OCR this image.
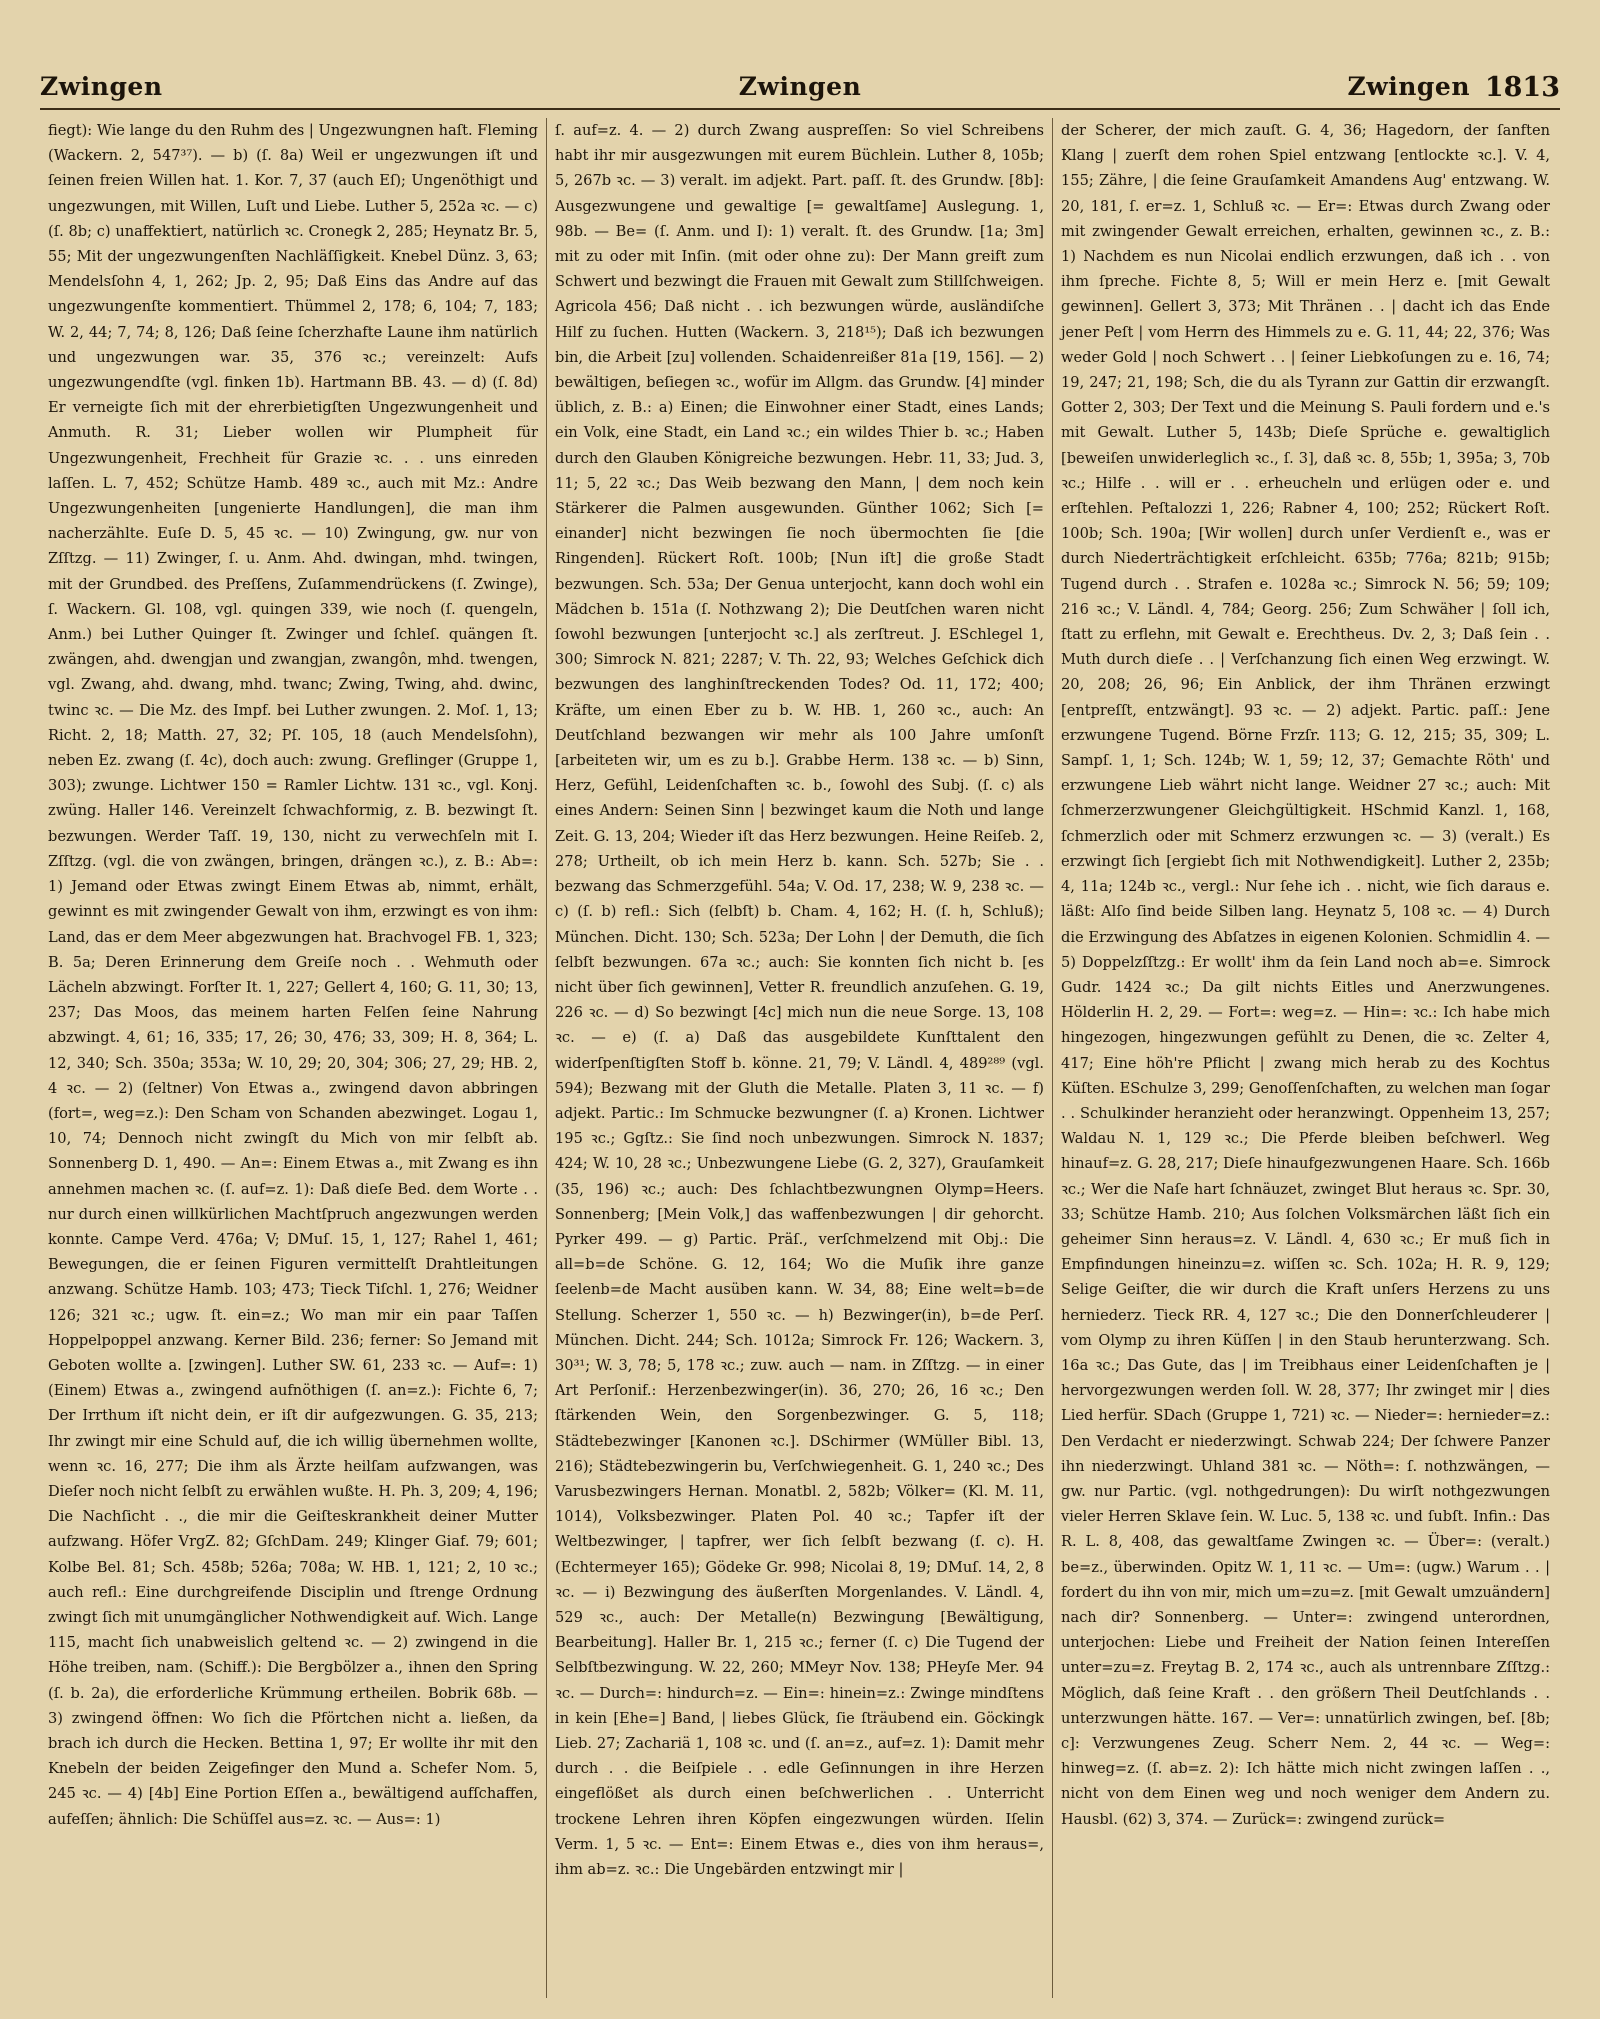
Zwingen	Zwingen	Zwingen 1813

fiegt): Wie lange du den Ruhm des | Ungezwungnen haſt. Fleming (Wackern. 2, 547³⁷). — b) (ſ. 8a) Weil er ungezwungen iſt und ſeinen freien Willen hat. 1. Kor. 7, 37 (auch Eſ); Ungenöthigt und ungezwungen, mit Willen, Luſt und Liebe. Luther 5, 252a ꝛc. — c) (ſ. 8b; c) unaffektiert, natürlich ꝛc. Cronegk 2, 285; Heynatz Br. 5, 55; Mit der ungezwungenſten Nachläſſigkeit. Knebel Dünz. 3, 63; Mendelsſohn 4, 1, 262; Jp. 2, 95; Daß Eins das Andre auf das ungezwungenſte kommentiert. Thümmel 2, 178; 6, 104; 7, 183; W. 2, 44; 7, 74; 8, 126; Daß ſeine ſcherzhafte Laune ihm natürlich und ungezwungen war. 35, 376 ꝛc.; vereinzelt: Aufs ungezwungendſte (vgl. finken 1b). Hartmann BB. 43. — d) (ſ. 8d) Er verneigte ſich mit der ehrerbietigſten Ungezwungenheit und Anmuth. R. 31; Lieber wollen wir Plumpheit für Ungezwungenheit, Frechheit für Grazie ꝛc. . . uns einreden laſſen. L. 7, 452; Schütze Hamb. 489 ꝛc., auch mit Mz.: Andre Ungezwungenheiten [ungenierte Handlungen], die man ihm nacherzählte. Euſe D. 5, 45 ꝛc. — 10) Zwingung, gw. nur von Zſſtzg. — 11) Zwinger, ſ. u. Anm. Ahd. dwingan, mhd. twingen, mit der Grundbed. des Preſſens, Zuſammendrückens (ſ. Zwinge), ſ. Wackern. Gl. 108, vgl. quingen 339, wie noch (ſ. quengeln, Anm.) bei Luther Quinger ſt. Zwinger und ſchleſ. quängen ſt. zwängen, ahd. dwengjan und zwangjan, zwangôn, mhd. twengen, vgl. Zwang, ahd. dwang, mhd. twanc; Zwing, Twing, ahd. dwinc, twinc ꝛc. — Die Mz. des Impf. bei Luther zwungen. 2. Moſ. 1, 13; Richt. 2, 18; Matth. 27, 32; Pſ. 105, 18 (auch Mendelsſohn), neben Ez. zwang (ſ. 4c), doch auch: zwung. Greflinger (Gruppe 1, 303); zwunge. Lichtwer 150 = Ramler Lichtw. 131 ꝛc., vgl. Konj. zwüng. Haller 146. Vereinzelt ſchwachformig, z. B. bezwingt ſt. bezwungen. Werder Taſſ. 19, 130, nicht zu verwechſeln mit I. Zſſtzg. (vgl. die von zwängen, bringen, drängen ꝛc.), z. B.: Ab=: 1) Jemand oder Etwas zwingt Einem Etwas ab, nimmt, erhält, gewinnt es mit zwingender Gewalt von ihm, erzwingt es von ihm: Land, das er dem Meer abgezwungen hat. Brachvogel FB. 1, 323; B. 5a; Deren Erinnerung dem Greiſe noch . . Wehmuth oder Lächeln abzwingt. Forſter It. 1, 227; Gellert 4, 160; G. 11, 30; 13, 237; Das Moos, das meinem harten Felſen ſeine Nahrung abzwingt. 4, 61; 16, 335; 17, 26; 30, 476; 33, 309; H. 8, 364; L. 12, 340; Sch. 350a; 353a; W. 10, 29; 20, 304; 306; 27, 29; HB. 2, 4 ꝛc. — 2) (ſeltner) Von Etwas a., zwingend davon abbringen (fort=, weg=z.): Den Scham von Schanden abezwinget. Logau 1, 10, 74; Dennoch nicht zwingſt du Mich von mir ſelbſt ab. Sonnenberg D. 1, 490. — An=: Einem Etwas a., mit Zwang es ihn annehmen machen ꝛc. (ſ. auf=z. 1): Daß dieſe Bed. dem Worte . . nur durch einen willkürlichen Machtſpruch angezwungen werden konnte. Campe Verd. 476a; V; DMuſ. 15, 1, 127; Rahel 1, 461; Bewegungen, die er ſeinen Figuren vermittelſt Drahtleitungen anzwang. Schütze Hamb. 103; 473; Tieck Tiſchl. 1, 276; Weidner 126; 321 ꝛc.; ugw. ſt. ein=z.; Wo man mir ein paar Taſſen Hoppelpoppel anzwang. Kerner Bild. 236; ferner: So Jemand mit Geboten wollte a. [zwingen]. Luther SW. 61, 233 ꝛc. — Auf=: 1) (Einem) Etwas a., zwingend aufnöthigen (ſ. an=z.): Fichte 6, 7; Der Irrthum iſt nicht dein, er iſt dir aufgezwungen. G. 35, 213; Ihr zwingt mir eine Schuld auf, die ich willig übernehmen wollte, wenn ꝛc. 16, 277; Die ihm als Ärzte heilſam aufzwangen, was Dieſer noch nicht ſelbſt zu erwählen wußte. H. Ph. 3, 209; 4, 196; Die Nachſicht . ., die mir die Geiſteskrankheit deiner Mutter aufzwang. Höfer VrgZ. 82; GſchDam. 249; Klinger Giaf. 79; 601; Kolbe Bel. 81; Sch. 458b; 526a; 708a; W. HB. 1, 121; 2, 10 ꝛc.; auch refl.: Eine durchgreifende Disciplin und ſtrenge Ordnung zwingt ſich mit unumgänglicher Nothwendigkeit auf. Wich. Lange 115, macht ſich unabweislich geltend ꝛc. — 2) zwingend in die Höhe treiben, nam. (Schiff.): Die Bergbölzer a., ihnen den Spring (ſ. b. 2a), die erforderliche Krümmung ertheilen. Bobrik 68b. — 3) zwingend öffnen: Wo ſich die Pförtchen nicht a. ließen, da brach ich durch die Hecken. Bettina 1, 97; Er wollte ihr mit den Knebeln der beiden Zeigefinger den Mund a. Schefer Nom. 5, 245 ꝛc. — 4) [4b] Eine Portion Eſſen a., bewältigend aufſchaffen, aufeſſen; ähnlich: Die Schüſſel aus=z. ꝛc. — Aus=: 1)

ſ. auf=z. 4. — 2) durch Zwang auspreſſen: So viel Schreibens habt ihr mir ausgezwungen mit eurem Büchlein. Luther 8, 105b; 5, 267b ꝛc. — 3) veralt. im adjekt. Part. paſſ. ſt. des Grundw. [8b]: Ausgezwungene und gewaltige [= gewaltſame] Auslegung. 1, 98b. — Be= (ſ. Anm. und I): 1) veralt. ſt. des Grundw. [1a; 3m] mit zu oder mit Inſin. (mit oder ohne zu): Der Mann greift zum Schwert und bezwingt die Frauen mit Gewalt zum Stillſchweigen. Agricola 456; Daß nicht . . ich bezwungen würde, ausländiſche Hilf zu ſuchen. Hutten (Wackern. 3, 218¹⁵); Daß ich bezwungen bin, die Arbeit [zu] vollenden. Schaidenreißer 81a [19, 156]. — 2) bewältigen, beſiegen ꝛc., wofür im Allgm. das Grundw. [4] minder üblich, z. B.: a) Einen; die Einwohner einer Stadt, eines Lands; ein Volk, eine Stadt, ein Land ꝛc.; ein wildes Thier b. ꝛc.; Haben durch den Glauben Königreiche bezwungen. Hebr. 11, 33; Jud. 3, 11; 5, 22 ꝛc.; Das Weib bezwang den Mann, | dem noch kein Stärkerer die Palmen ausgewunden. Günther 1062; Sich [= einander] nicht bezwingen ſie noch übermochten ſie [die Ringenden]. Rückert Roſt. 100b; [Nun iſt] die große Stadt bezwungen. Sch. 53a; Der Genua unterjocht, kann doch wohl ein Mädchen b. 151a (ſ. Nothzwang 2); Die Deutſchen waren nicht ſowohl bezwungen [unterjocht ꝛc.] als zerſtreut. J. ESchlegel 1, 300; Simrock N. 821; 2287; V. Th. 22, 93; Welches Geſchick dich bezwungen des langhinſtreckenden Todes? Od. 11, 172; 400; Kräfte, um einen Eber zu b. W. HB. 1, 260 ꝛc., auch: An Deutſchland bezwangen wir mehr als 100 Jahre umſonſt [arbeiteten wir, um es zu b.]. Grabbe Herm. 138 ꝛc. — b) Sinn, Herz, Gefühl, Leidenſchaften ꝛc. b., ſowohl des Subj. (ſ. c) als eines Andern: Seinen Sinn | bezwinget kaum die Noth und lange Zeit. G. 13, 204; Wieder iſt das Herz bezwungen. Heine Reiſeb. 2, 278; Urtheilt, ob ich mein Herz b. kann. Sch. 527b; Sie . . bezwang das Schmerzgefühl. 54a; V. Od. 17, 238; W. 9, 238 ꝛc. — c) (ſ. b) refl.: Sich (ſelbſt) b. Cham. 4, 162; H. (ſ. h, Schluß); München. Dicht. 130; Sch. 523a; Der Lohn | der Demuth, die ſich ſelbſt bezwungen. 67a ꝛc.; auch: Sie konnten ſich nicht b. [es nicht über ſich gewinnen], Vetter R. freundlich anzuſehen. G. 19, 226 ꝛc. — d) So bezwingt [4c] mich nun die neue Sorge. 13, 108 ꝛc. — e) (ſ. a) Daß das ausgebildete Kunſttalent den widerſpenſtigſten Stoff b. könne. 21, 79; V. Ländl. 4, 489²⁸⁹ (vgl. 594); Bezwang mit der Gluth die Metalle. Platen 3, 11 ꝛc. — f) adjekt. Partic.: Im Schmucke bezwungner (ſ. a) Kronen. Lichtwer 195 ꝛc.; Ggſtz.: Sie ſind noch unbezwungen. Simrock N. 1837; 424; W. 10, 28 ꝛc.; Unbezwungene Liebe (G. 2, 327), Grauſamkeit (35, 196) ꝛc.; auch: Des ſchlachtbezwungnen Olymp=Heers. Sonnenberg; [Mein Volk,] das waffenbezwungen | dir gehorcht. Pyrker 499. — g) Partic. Präſ., verſchmelzend mit Obj.: Die all=b=de Schöne. G. 12, 164; Wo die Muſik ihre ganze ſeelenb=de Macht ausüben kann. W. 34, 88; Eine welt=b=de Stellung. Scherzer 1, 550 ꝛc. — h) Bezwinger(in), b=de Perſ. München. Dicht. 244; Sch. 1012a; Simrock Fr. 126; Wackern. 3, 30³¹; W. 3, 78; 5, 178 ꝛc.; zuw. auch — nam. in Zſſtzg. — in einer Art Perſonif.: Herzenbezwinger(in). 36, 270; 26, 16 ꝛc.; Den ſtärkenden Wein, den Sorgenbezwinger. G. 5, 118; Städtebezwinger [Kanonen ꝛc.]. DSchirmer (WMüller Bibl. 13, 216); Städtebezwingerin bu, Verſchwiegenheit. G. 1, 240 ꝛc.; Des Varusbezwingers Hernan. Monatbl. 2, 582b; Völker= (Kl. M. 11, 1014), Volksbezwinger. Platen Pol. 40 ꝛc.; Tapfer iſt der Weltbezwinger, | tapfrer, wer ſich ſelbſt bezwang (ſ. c). H. (Echtermeyer 165); Gödeke Gr. 998; Nicolai 8, 19; DMuſ. 14, 2, 8 ꝛc. — i) Bezwingung des äußerſten Morgenlandes. V. Ländl. 4, 529 ꝛc., auch: Der Metalle(n) Bezwingung [Bewältigung, Bearbeitung]. Haller Br. 1, 215 ꝛc.; ferner (ſ. c) Die Tugend der Selbſtbezwingung. W. 22, 260; MMeyr Nov. 138; PHeyſe Mer. 94 ꝛc. — Durch=: hindurch=z. — Ein=: hinein=z.: Zwinge mindſtens in kein [Ehe=] Band, | liebes Glück, ſie ſträubend ein. Göckingk Lieb. 27; Zachariä 1, 108 ꝛc. und (ſ. an=z., auf=z. 1): Damit mehr durch . . die Beiſpiele . . edle Geſinnungen in ihre Herzen eingeflößet als durch einen beſchwerlichen . . Unterricht trockene Lehren ihren Köpfen eingezwungen würden. Iſelin Verm. 1, 5 ꝛc. — Ent=: Einem Etwas e., dies von ihm heraus=, ihm ab=z. ꝛc.: Die Ungebärden entzwingt mir |

der Scherer, der mich zauſt. G. 4, 36; Hagedorn, der ſanften Klang | zuerſt dem rohen Spiel entzwang [entlockte ꝛc.]. V. 4, 155; Zähre, | die ſeine Grauſamkeit Amandens Aug' entzwang. W. 20, 181, ſ. er=z. 1, Schluß ꝛc. — Er=: Etwas durch Zwang oder mit zwingender Gewalt erreichen, erhalten, gewinnen ꝛc., z. B.: 1) Nachdem es nun Nicolai endlich erzwungen, daß ich . . von ihm ſpreche. Fichte 8, 5; Will er mein Herz e. [mit Gewalt gewinnen]. Gellert 3, 373; Mit Thränen . . | dacht ich das Ende jener Peſt | vom Herrn des Himmels zu e. G. 11, 44; 22, 376; Was weder Gold | noch Schwert . . | ſeiner Liebkoſungen zu e. 16, 74; 19, 247; 21, 198; Sch, die du als Tyrann zur Gattin dir erzwangſt. Gotter 2, 303; Der Text und die Meinung S. Pauli fordern und e.'s mit Gewalt. Luther 5, 143b; Dieſe Sprüche e. gewaltiglich [beweiſen unwiderleglich ꝛc., ſ. 3], daß ꝛc. 8, 55b; 1, 395a; 3, 70b ꝛc.; Hilfe . . will er . . erheucheln und erlügen oder e. und erſtehlen. Peſtalozzi 1, 226; Rabner 4, 100; 252; Rückert Roſt. 100b; Sch. 190a; [Wir wollen] durch unſer Verdienſt e., was er durch Niederträchtigkeit erſchleicht. 635b; 776a; 821b; 915b; Tugend durch . . Strafen e. 1028a ꝛc.; Simrock N. 56; 59; 109; 216 ꝛc.; V. Ländl. 4, 784; Georg. 256; Zum Schwäher | ſoll ich, ſtatt zu erflehn, mit Gewalt e. Erechtheus. Dv. 2, 3; Daß ſein . . Muth durch dieſe . . | Verſchanzung ſich einen Weg erzwingt. W. 20, 208; 26, 96; Ein Anblick, der ihm Thränen erzwingt [entpreſſt, entzwängt]. 93 ꝛc. — 2) adjekt. Partic. paſſ.: Jene erzwungene Tugend. Börne Frzſr. 113; G. 12, 215; 35, 309; L. Sampſ. 1, 1; Sch. 124b; W. 1, 59; 12, 37; Gemachte Röth' und erzwungene Lieb währt nicht lange. Weidner 27 ꝛc.; auch: Mit ſchmerzerzwungener Gleichgültigkeit. HSchmid Kanzl. 1, 168, ſchmerzlich oder mit Schmerz erzwungen ꝛc. — 3) (veralt.) Es erzwingt ſich [ergiebt ſich mit Nothwendigkeit]. Luther 2, 235b; 4, 11a; 124b ꝛc., vergl.: Nur ſehe ich . . nicht, wie ſich daraus e. läßt: Alſo ſind beide Silben lang. Heynatz 5, 108 ꝛc. — 4) Durch die Erzwingung des Abſatzes in eigenen Kolonien. Schmidlin 4. — 5) Doppelzſſtzg.: Er wollt' ihm da ſein Land noch ab=e. Simrock Gudr. 1424 ꝛc.; Da gilt nichts Eitles und Anerzwungenes. Hölderlin H. 2, 29. — Fort=: weg=z. — Hin=: ꝛc.: Ich habe mich hingezogen, hingezwungen gefühlt zu Denen, die ꝛc. Zelter 4, 417; Eine höh're Pflicht | zwang mich herab zu des Kochtus Küſten. ESchulze 3, 299; Genoſſenſchaften, zu welchen man ſogar . . Schulkinder heranzieht oder heranzwingt. Oppenheim 13, 257; Waldau N. 1, 129 ꝛc.; Die Pferde bleiben beſchwerl. Weg hinauf=z. G. 28, 217; Dieſe hinaufgezwungenen Haare. Sch. 166b ꝛc.; Wer die Naſe hart ſchnäuzet, zwinget Blut heraus ꝛc. Spr. 30, 33; Schütze Hamb. 210; Aus ſolchen Volksmärchen läßt ſich ein geheimer Sinn heraus=z. V. Ländl. 4, 630 ꝛc.; Er muß ſich in Empfindungen hineinzu=z. wiſſen ꝛc. Sch. 102a; H. R. 9, 129; Selige Geiſter, die wir durch die Kraft unſers Herzens zu uns herniederz. Tieck RR. 4, 127 ꝛc.; Die den Donnerſchleuderer | vom Olymp zu ihren Küſſen | in den Staub herunterzwang. Sch. 16a ꝛc.; Das Gute, das | im Treibhaus einer Leidenſchaften je | hervorgezwungen werden ſoll. W. 28, 377; Ihr zwinget mir | dies Lied herfür. SDach (Gruppe 1, 721) ꝛc. — Nieder=: hernieder=z.: Den Verdacht er niederzwingt. Schwab 224; Der ſchwere Panzer ihn niederzwingt. Uhland 381 ꝛc. — Nöth=: ſ. nothzwängen, — gw. nur Partic. (vgl. nothgedrungen): Du wirſt nothgezwungen vieler Herren Sklave ſein. W. Luc. 5, 138 ꝛc. und ſubſt. Infin.: Das R. L. 8, 408, das gewaltſame Zwingen ꝛc. — Über=: (veralt.) be=z., überwinden. Opitz W. 1, 11 ꝛc. — Um=: (ugw.) Warum . . | fordert du ihn von mir, mich um=zu=z. [mit Gewalt umzuändern] nach dir? Sonnenberg. — Unter=: zwingend unterordnen, unterjochen: Liebe und Freiheit der Nation ſeinen Intereſſen unter=zu=z. Freytag B. 2, 174 ꝛc., auch als untrennbare Zſſtzg.: Möglich, daß ſeine Kraft . . den größern Theil Deutſchlands . . unterzwungen hätte. 167. — Ver=: unnatürlich zwingen, beſ. [8b; c]: Verzwungenes Zeug. Scherr Nem. 2, 44 ꝛc. — Weg=: hinweg=z. (ſ. ab=z. 2): Ich hätte mich nicht zwingen laſſen . ., nicht von dem Einen weg und noch weniger dem Andern zu. Hausbl. (62) 3, 374. — Zurück=: zwingend zurück=
